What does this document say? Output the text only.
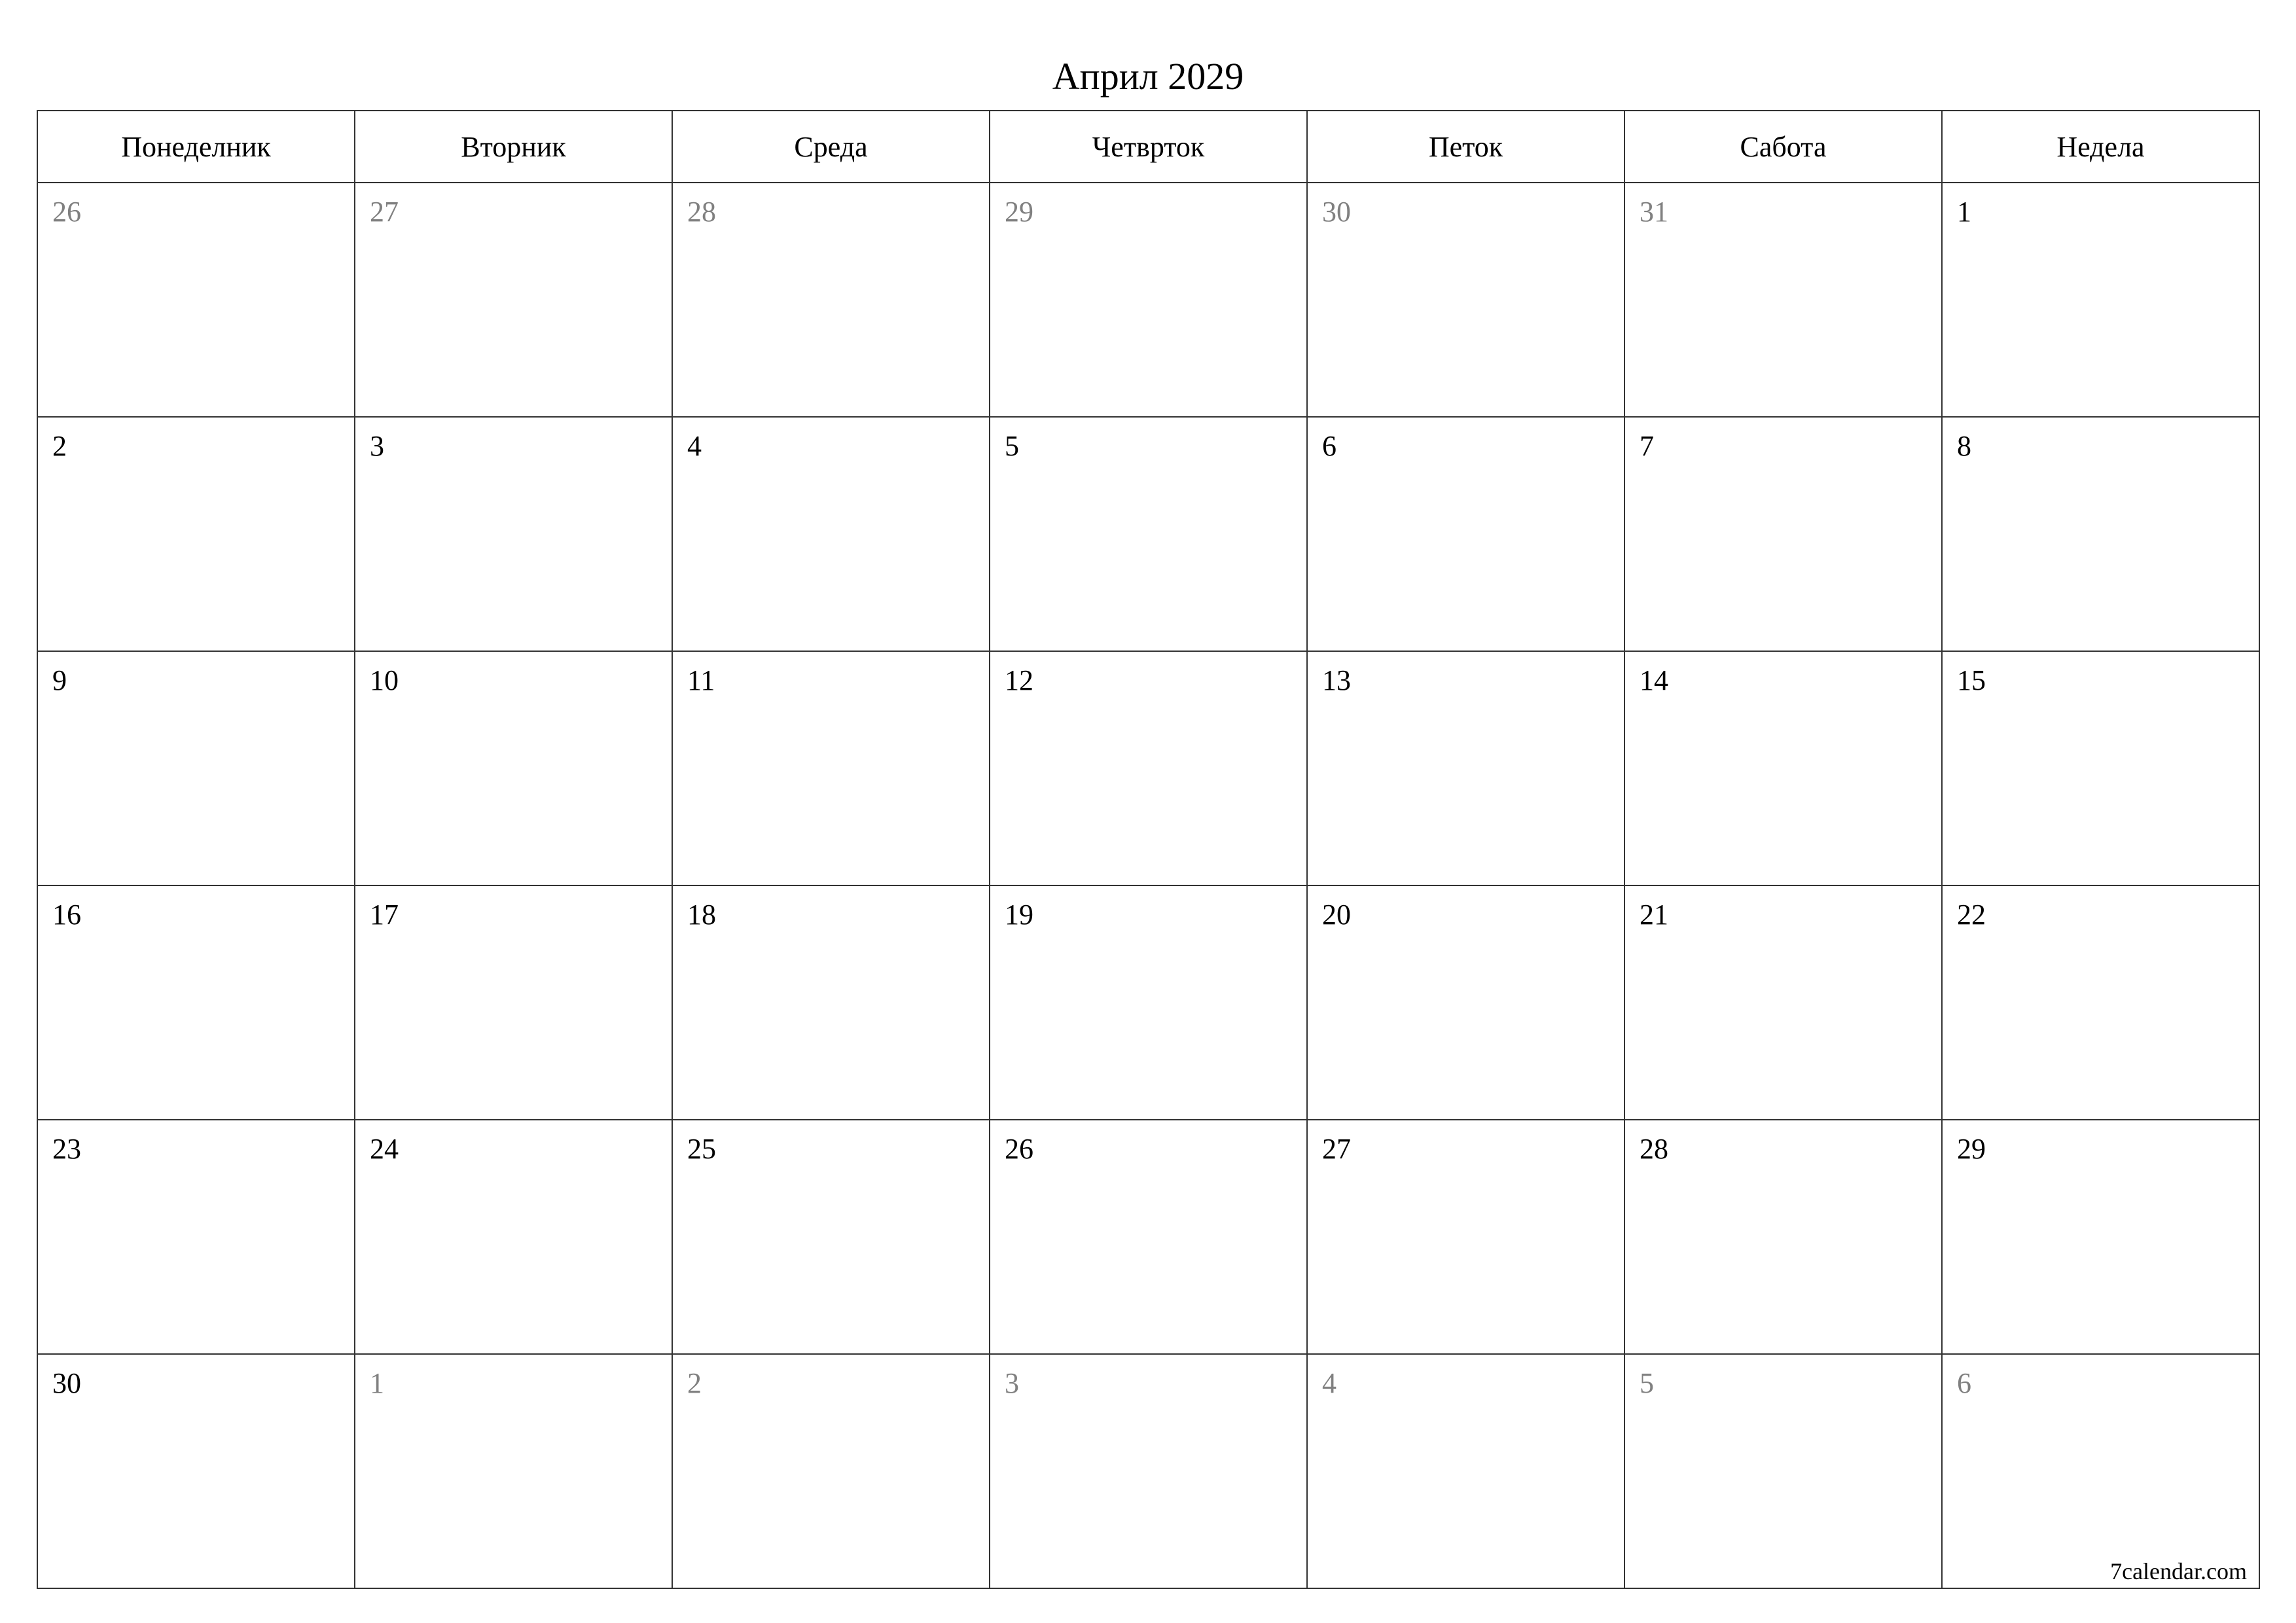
Април 2029
Понеделник	Вторник	Среда	Четврток	Петок	Сабота	Недела

26	27	28	29	30	31	1

2	3	4	5	6	7	8

9	10	11	12	13	14	15

16	17	18	19	20	21	22

23	24	25	26	27	28	29

30	1	2	3	4	5	6
7calendar.com
